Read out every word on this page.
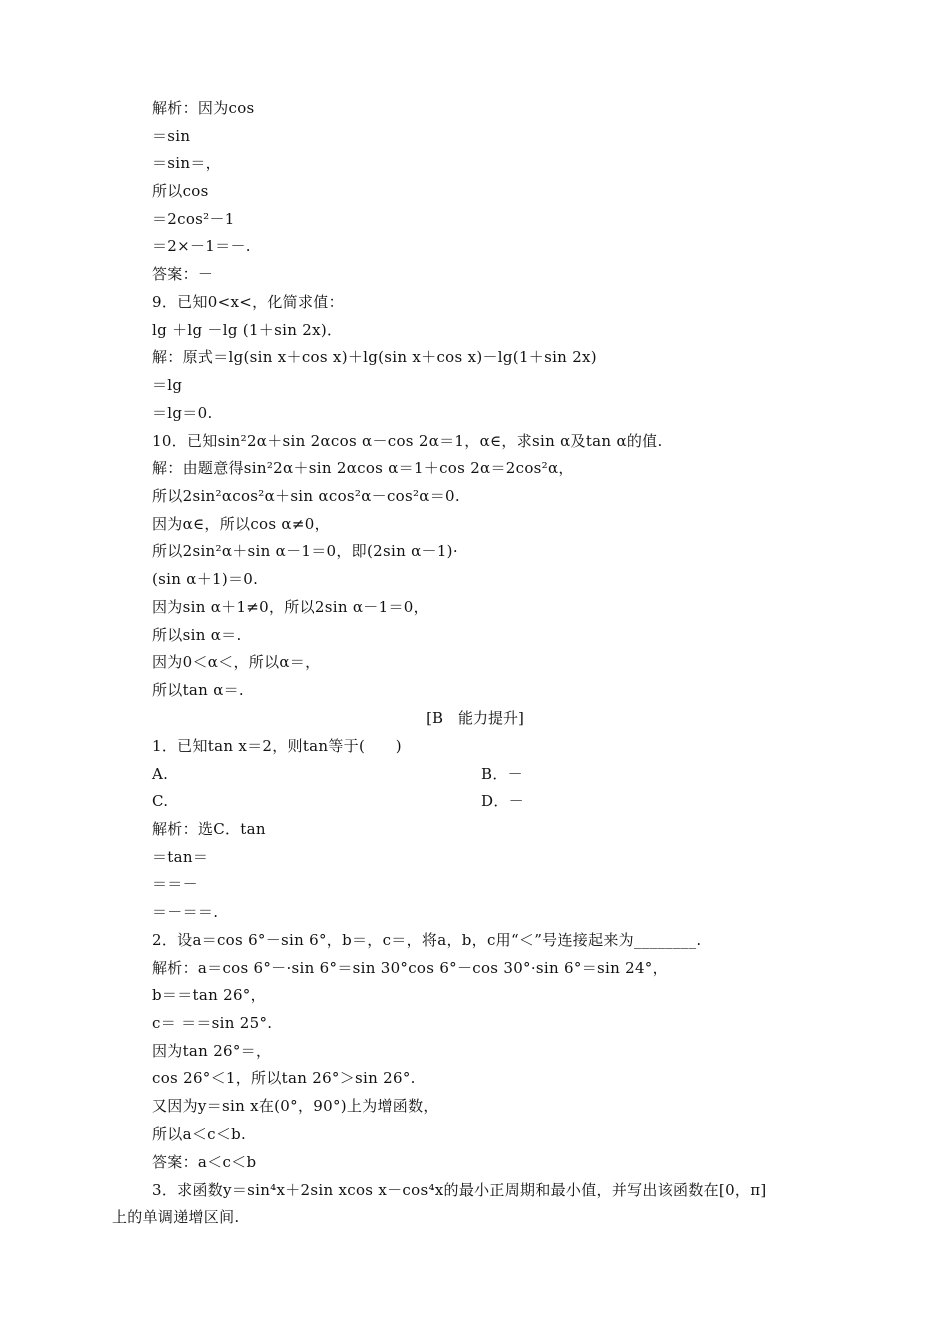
解析：因为cos
＝sin
＝sin＝，
所以cos
＝2cos²－1
＝2×－1＝－.
答案：－
9．已知0<x<，化简求值：
lg ＋lg －lg (1＋sin 2x)．
解：原式＝lg(sin x＋cos x)＋lg(sin x＋cos x)－lg(1＋sin 2x)
＝lg
＝lg＝0.
10．已知sin²2α＋sin 2αcos α－cos 2α＝1，α∈，求sin α及tan α的值.
解：由题意得sin²2α＋sin 2αcos α＝1＋cos 2α＝2cos²α，
所以2sin²αcos²α＋sin αcos²α－cos²α＝0.
因为α∈，所以cos α≠0，
所以2sin²α＋sin α－1＝0，即(2sin α－1)·
(sin α＋1)＝0.
因为sin α＋1≠0，所以2sin α－1＝0，
所以sin α＝.
因为0＜α＜，所以α＝，
所以tan α＝.
[B　能力提升]
1．已知tan x＝2，则tan等于(　　)
A.	B．－
C.	D．－
解析：选C．tan
＝tan＝
＝＝－
＝－＝＝.
2．设a＝cos 6°－sin 6°，b＝，c＝，将a，b，c用“＜”号连接起来为________.
解析：a＝cos 6°－·sin 6°＝sin 30°cos 6°－cos 30°·sin 6°＝sin 24°，
b＝＝tan 26°，
c＝ ＝＝sin 25°.
因为tan 26°＝，
cos 26°＜1，所以tan 26°＞sin 26°.
又因为y＝sin x在(0°，90°)上为增函数，
所以a＜c＜b.
答案：a＜c＜b
3．求函数y＝sin⁴x＋2sin xcos x－cos⁴x的最小正周期和最小值，并写出该函数在[0，π]
上的单调递增区间.
